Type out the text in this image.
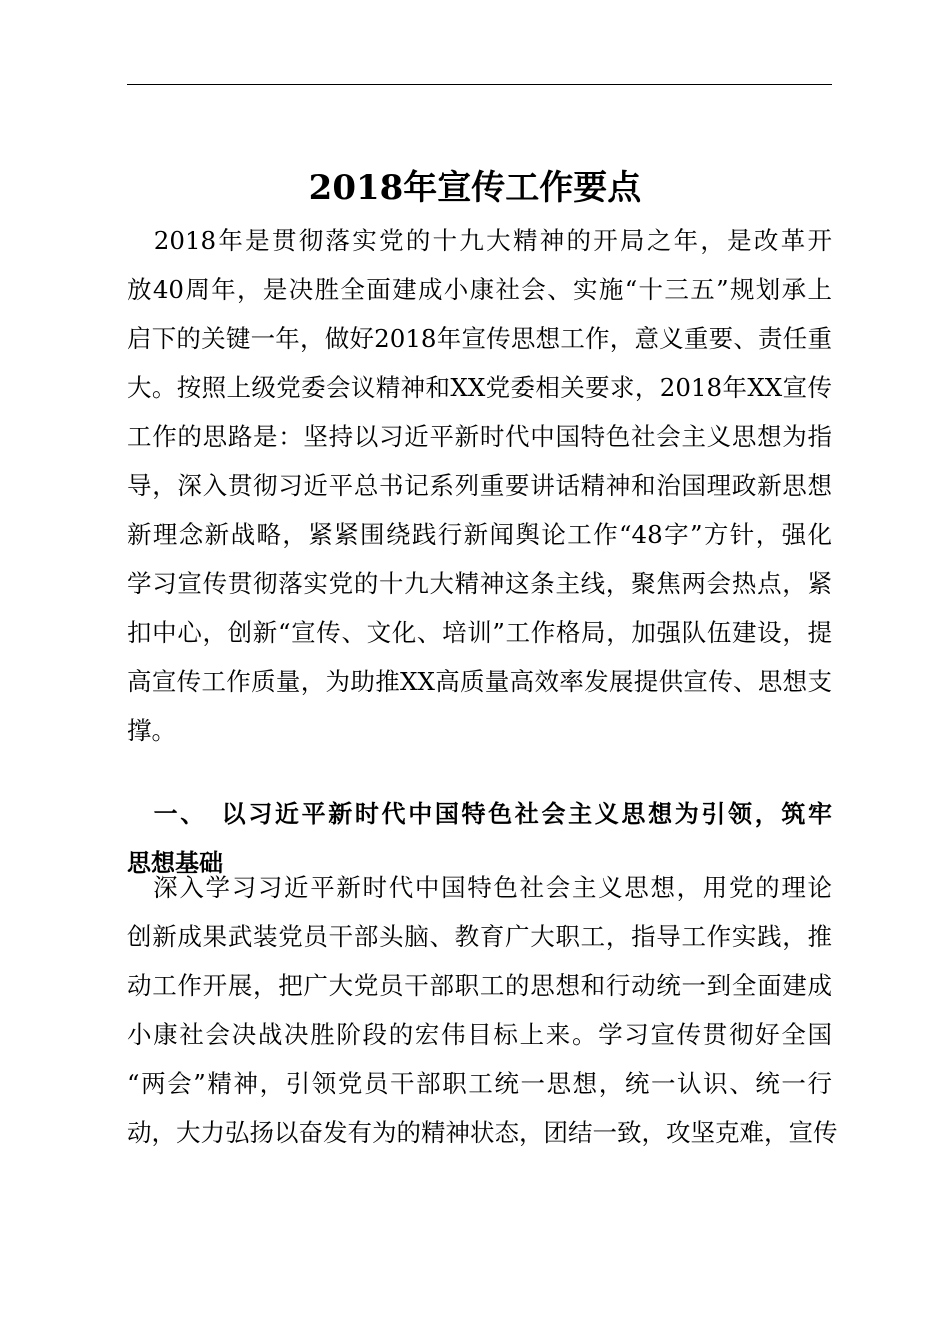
2018年宣传工作要点
　2018年是贯彻落实党的十九大精神的开局之年，是改革开
放40周年，是决胜全面建成小康社会、实施“十三五”规划承上
启下的关键一年，做好2018年宣传思想工作，意义重要、责任重
大。按照上级党委会议精神和XX党委相关要求，2018年XX宣传
工作的思路是：坚持以习近平新时代中国特色社会主义思想为指
导，深入贯彻习近平总书记系列重要讲话精神和治国理政新思想
新理念新战略，紧紧围绕践行新闻舆论工作“48字”方针，强化
学习宣传贯彻落实党的十九大精神这条主线，聚焦两会热点，紧
扣中心，创新“宣传、文化、培训”工作格局，加强队伍建设，提
高宣传工作质量，为助推XX高质量高效率发展提供宣传、思想支
撑。
　一、　以习近平新时代中国特色社会主义思想为引领，筑牢
思想基础
　深入学习习近平新时代中国特色社会主义思想，用党的理论
创新成果武装党员干部头脑、教育广大职工，指导工作实践，推
动工作开展，把广大党员干部职工的思想和行动统一到全面建成
小康社会决战决胜阶段的宏伟目标上来。学习宣传贯彻好全国
“两会”精神，引领党员干部职工统一思想，统一认识、统一行
动，大力弘扬以奋发有为的精神状态，团结一致，攻坚克难，宣传
